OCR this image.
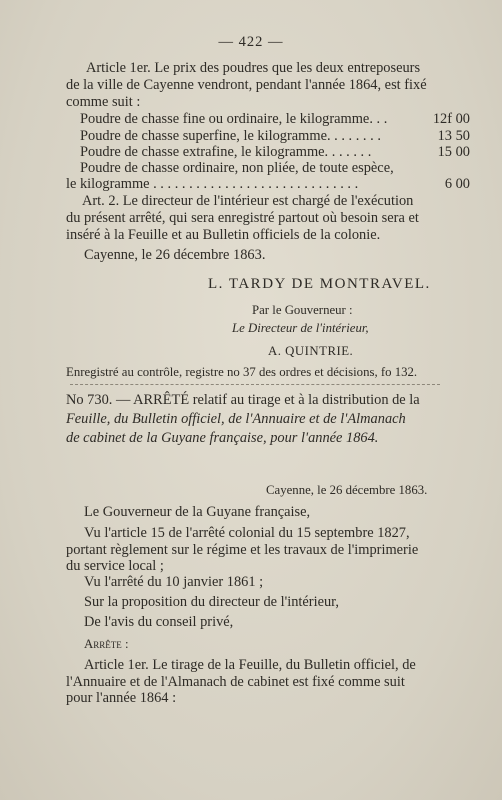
— 422 —
Article 1er. Le prix des poudres que les deux entreposeurs
de la ville de Cayenne vendront, pendant l'année 1864, est fixé
comme suit :
Poudre de chasse fine ou ordinaire, le kilogramme. . .	12f 00
Poudre de chasse superfine, le kilogramme. . . . . . . .	13 50
Poudre de chasse extrafine, le kilogramme. . . . . . .	15 00
Poudre de chasse ordinaire, non pliée, de toute espèce,
le kilogramme . . . . . . . . . . . . . . . . . . . . . . . . . . . . .	6 00
Art. 2. Le directeur de l'intérieur est chargé de l'exécution
du présent arrêté, qui sera enregistré partout où besoin sera et
inséré à la Feuille et au Bulletin officiels de la colonie.
Cayenne, le 26 décembre 1863.
L. TARDY DE MONTRAVEL.
Par le Gouverneur :
Le Directeur de l'intérieur,
A. QUINTRIE.
Enregistré au contrôle, registre no 37 des ordres et décisions, fo 132.
No 730. — ARRÊTÉ relatif au tirage et à la distribution de la
Feuille, du Bulletin officiel, de l'Annuaire et de l'Almanach
de cabinet de la Guyane française, pour l'année 1864.
Cayenne, le 26 décembre 1863.
Le Gouverneur de la Guyane française,
Vu l'article 15 de l'arrêté colonial du 15 septembre 1827,
portant règlement sur le régime et les travaux de l'imprimerie
du service local ;
Vu l'arrêté du 10 janvier 1861 ;
Sur la proposition du directeur de l'intérieur,
De l'avis du conseil privé,
Arrête :
Article 1er. Le tirage de la Feuille, du Bulletin officiel, de
l'Annuaire et de l'Almanach de cabinet est fixé comme suit
pour l'année 1864 :
